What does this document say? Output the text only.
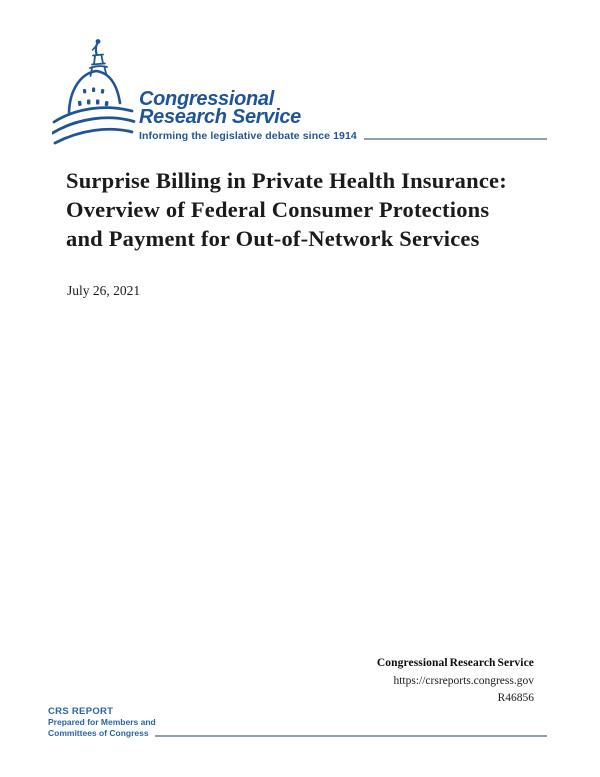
Congressional
Research Service
Informing the legislative debate since 1914
Surprise Billing in Private Health Insurance:
Overview of Federal Consumer Protections
and Payment for Out-of-Network Services
July 26, 2021
Congressional Research Service
https://crsreports.congress.gov
R46856
CRS REPORT
Prepared for Members and
Committees of Congress
